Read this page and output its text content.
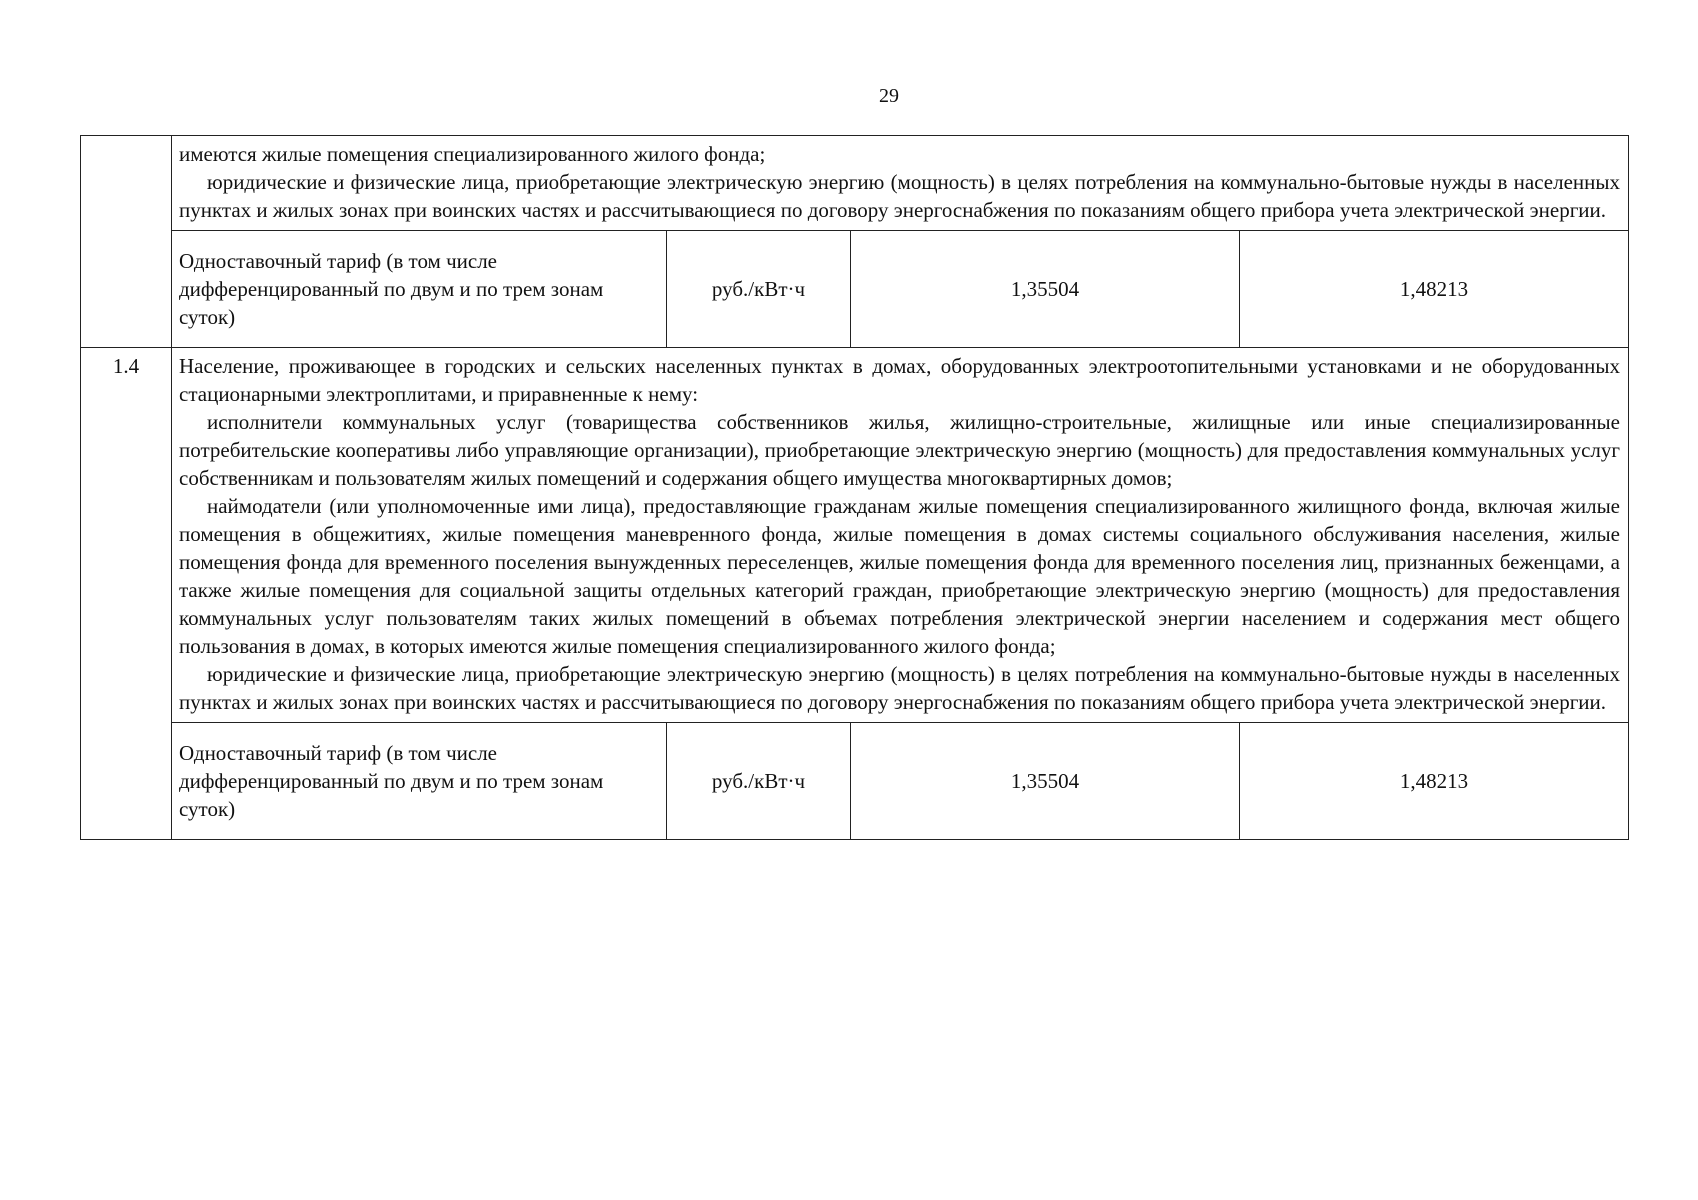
29

	имеются жилые помещения специализированного жилого фонда;

юридические и физические лица, приобретающие электрическую энергию (мощность) в целях потребления на коммунально-бытовые нужды в населенных пунктах и жилых зонах при воинских частях и рассчитывающиеся по договору энергоснабжения по показаниям общего прибора учета электрической энергии.			

	Одноставочный тариф (в том числе дифференцированный по двум и по трем зонам суток)	руб./кВт·ч	1,35504	1,48213
1.4	Население, проживающее в городских и сельских населенных пунктах в домах, оборудованных электроотопительными установками и не оборудованных стационарными электроплитами, и приравненные к нему:

исполнители коммунальных услуг (товарищества собственников жилья, жилищно-строительные, жилищные или иные специализированные потребительские кооперативы либо управляющие организации), приобретающие электрическую энергию (мощность) для предоставления коммунальных услуг собственникам и пользователям жилых помещений и содержания общего имущества многоквартирных домов;

наймодатели (или уполномоченные ими лица), предоставляющие гражданам жилые помещения специализированного жилищного фонда, включая жилые помещения в общежитиях, жилые помещения маневренного фонда, жилые помещения в домах системы социального обслуживания населения, жилые помещения фонда для временного поселения вынужденных переселенцев, жилые помещения фонда для временного поселения лиц, признанных беженцами, а также жилые помещения для социальной защиты отдельных категорий граждан, приобретающие электрическую энергию (мощность) для предоставления коммунальных услуг пользователям таких жилых помещений в объемах потребления электрической энергии населением и содержания мест общего пользования в домах, в которых имеются жилые помещения специализированного жилого фонда;

юридические и физические лица, приобретающие электрическую энергию (мощность) в целях потребления на коммунально-бытовые нужды в населенных пунктах и жилых зонах при воинских частях и рассчитывающиеся по договору энергоснабжения по показаниям общего прибора учета электрической энергии.			

	Одноставочный тариф (в том числе дифференцированный по двум и по трем зонам суток)	руб./кВт·ч	1,35504	1,48213
